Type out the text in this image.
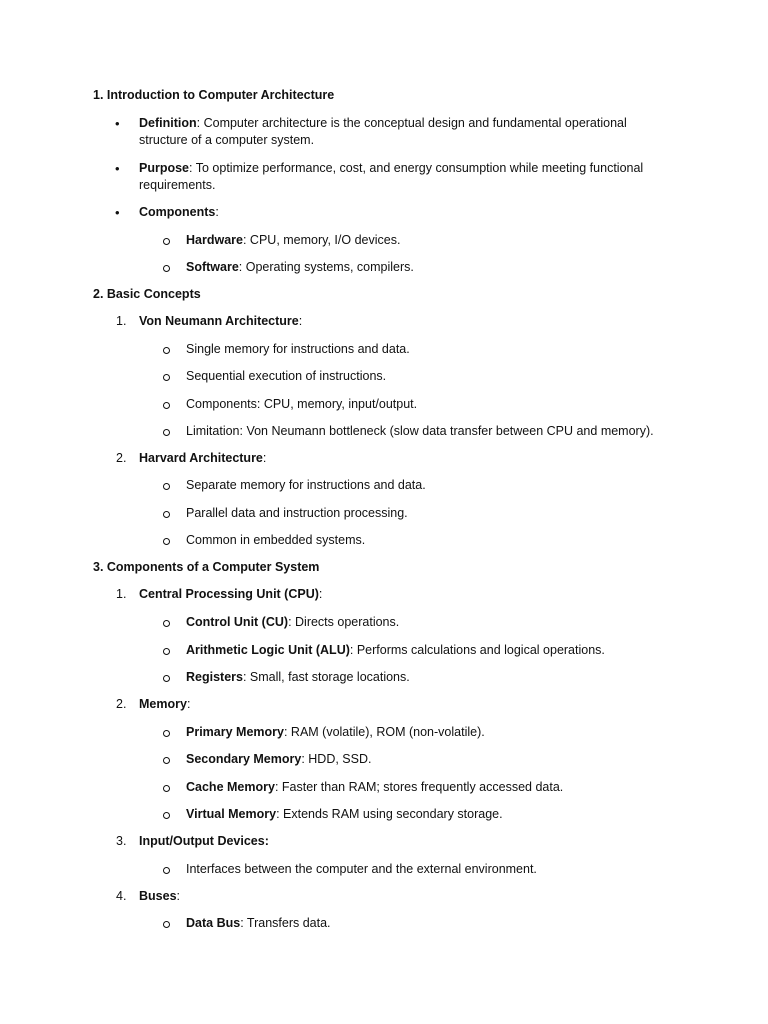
1. Introduction to Computer Architecture
• Definition: Computer architecture is the conceptual design and fundamental operational
structure of a computer system.
• Purpose: To optimize performance, cost, and energy consumption while meeting functional
requirements.
• Components:
Hardware: CPU, memory, I/O devices.
Software: Operating systems, compilers.
2. Basic Concepts
1. Von Neumann Architecture:
Single memory for instructions and data.
Sequential execution of instructions.
Components: CPU, memory, input/output.
Limitation: Von Neumann bottleneck (slow data transfer between CPU and memory).
2. Harvard Architecture:
Separate memory for instructions and data.
Parallel data and instruction processing.
Common in embedded systems.
3. Components of a Computer System
1. Central Processing Unit (CPU):
Control Unit (CU): Directs operations.
Arithmetic Logic Unit (ALU): Performs calculations and logical operations.
Registers: Small, fast storage locations.
2. Memory:
Primary Memory: RAM (volatile), ROM (non-volatile).
Secondary Memory: HDD, SSD.
Cache Memory: Faster than RAM; stores frequently accessed data.
Virtual Memory: Extends RAM using secondary storage.
3. Input/Output Devices:
Interfaces between the computer and the external environment.
4. Buses:
Data Bus: Transfers data.
